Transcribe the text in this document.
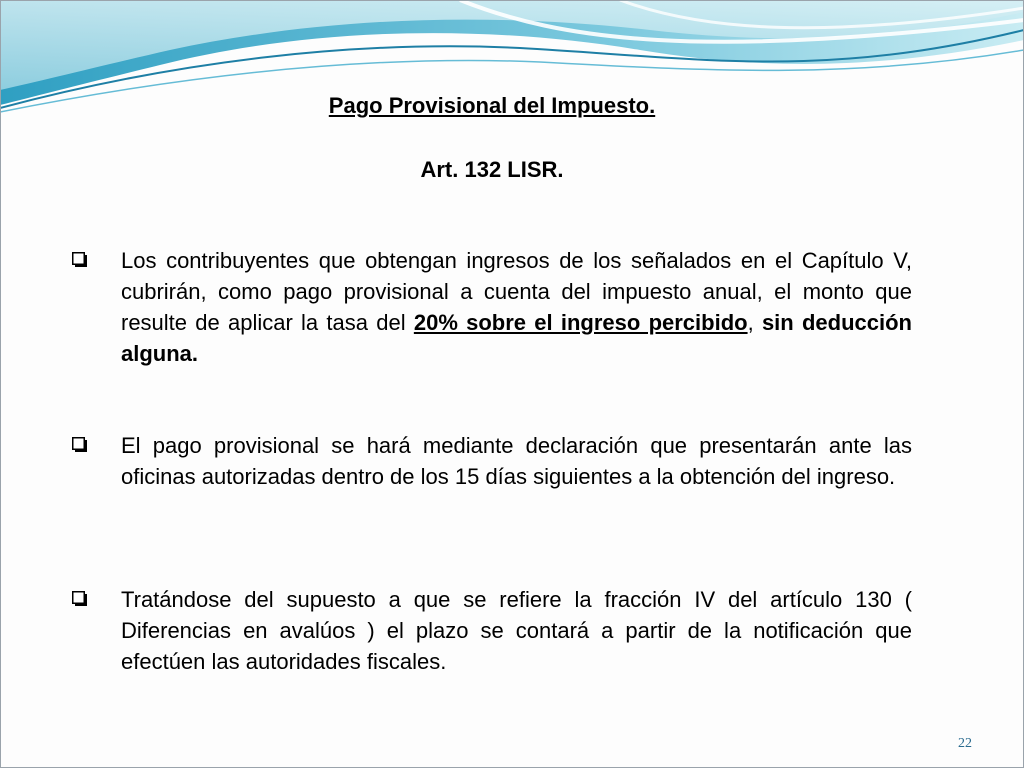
Pago Provisional del Impuesto.
Art. 132 LISR.
Los contribuyentes que obtengan ingresos de los señalados en el Capítulo V, cubrirán, como pago provisional a cuenta del impuesto anual, el monto que resulte de aplicar la tasa del 20% sobre el ingreso percibido, sin deducción alguna.
El pago provisional se hará mediante declaración que presentarán ante las oficinas autorizadas dentro de los 15 días siguientes a la obtención del ingreso.
Tratándose del supuesto a que se refiere la fracción IV del artículo 130 ( Diferencias en avalúos ) el plazo se contará a partir de la notificación que efectúen las autoridades fiscales.
22
